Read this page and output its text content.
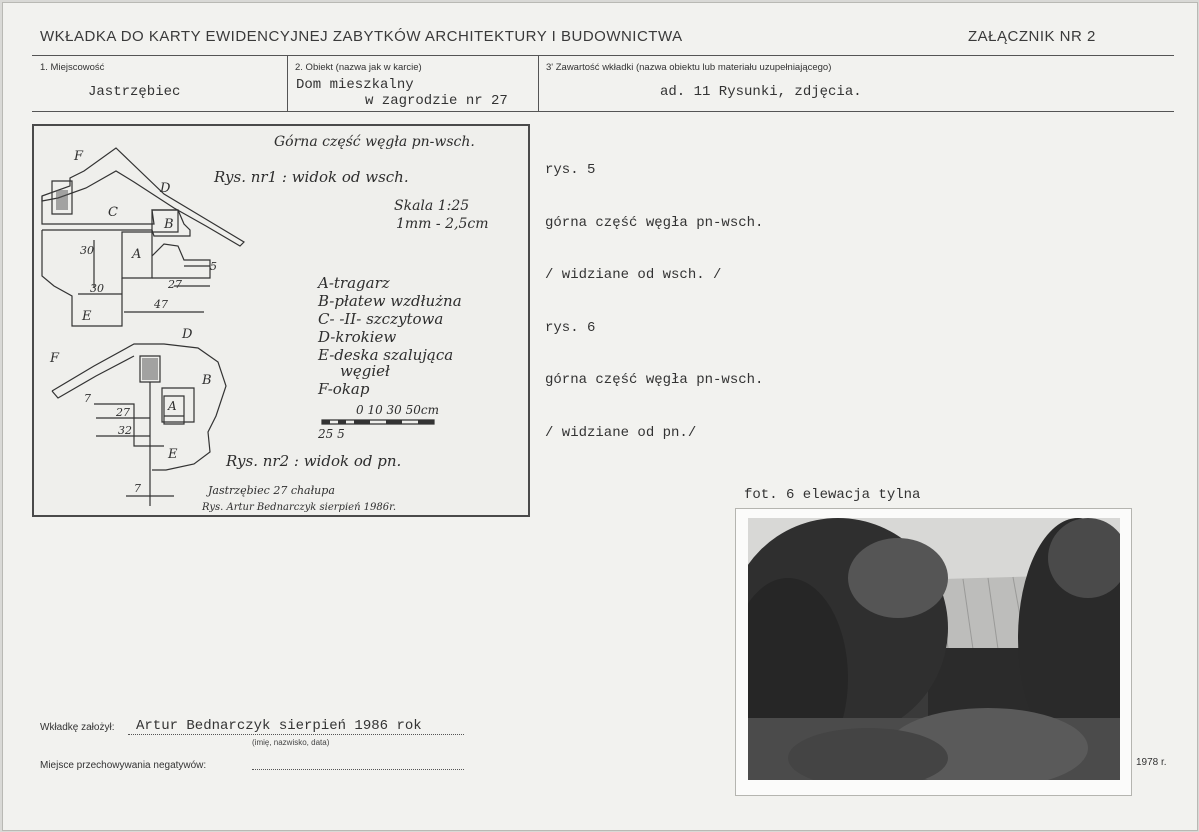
WKŁADKA DO KARTY EWIDENCYJNEJ ZABYTKÓW ARCHITEKTURY I BUDOWNICTWA	ZAŁĄCZNIK NR 2
1. Miejscowość
Jastrzębiec
2. Obiekt (nazwa jak w karcie)
Dom mieszkalny
w zagrodzie nr 27
3' Zawartość wkładki (nazwa obiektu lub materiału uzupełniającego)
ad. 11 Rysunki, zdjęcia.
Górna część węgła pn-wsch.
Rys. nr1 : widok od wsch.
Skala 1:25
1mm - 2,5cm
A-tragarz
B-płatew wzdłużna
C- -II- szczytowa
D-krokiew
E-deska szalująca
węgieł
F-okap
0 10 30 50cm
25 5
Rys. nr2 : widok od pn.
Jastrzębiec 27 chałupa
Rys. Artur Bednarczyk sierpień 1986r.
30
30	27
47
5
7
27
32
7
F
C
B
A
D
E
D
F
B
A
E

rys. 5

górna część węgła pn-wsch.

/ widziane od wsch. /

rys. 6

górna część węgła pn-wsch.

/ widziane od pn./

fot. 6 elewacja tylna
Wkładkę założył:	Artur Bednarczyk sierpień 1986 rok
(imię, nazwisko, data)
Miejsce przechowywania negatywów:	1978 r.
